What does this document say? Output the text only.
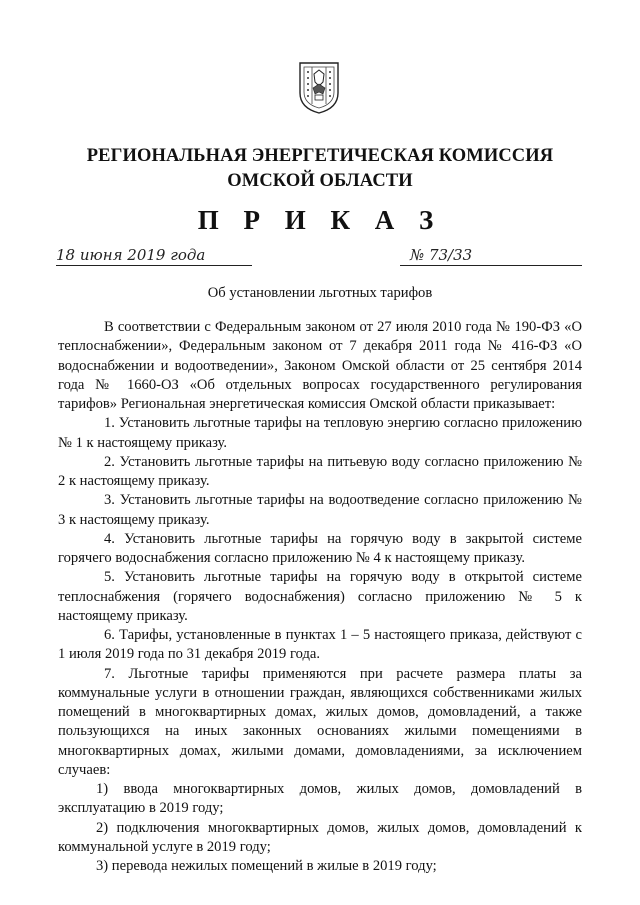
РЕГИОНАЛЬНАЯ ЭНЕРГЕТИЧЕСКАЯ КОМИССИЯ
ОМСКОЙ ОБЛАСТИ
П Р И К А З
18 июня 2019 года	№ 73/33
Об установлении льготных тарифов

В соответствии с Федеральным законом от 27 июля 2010 года № 190-ФЗ «О теплоснабжении», Федеральным законом от 7 декабря 2011 года № 416-ФЗ «О водоснабжении и водоотведении», Законом Омской области от 25 сентября 2014 года № 1660-ОЗ «Об отдельных вопросах государственного регулирования тарифов» Региональная энергетическая комиссия Омской области приказывает:

1. Установить льготные тарифы на тепловую энергию согласно приложению № 1 к настоящему приказу.

2. Установить льготные тарифы на питьевую воду согласно приложению № 2 к настоящему приказу.

3. Установить льготные тарифы на водоотведение согласно приложению № 3 к настоящему приказу.

4. Установить льготные тарифы на горячую воду в закрытой системе горячего водоснабжения согласно приложению № 4 к настоящему приказу.

5. Установить льготные тарифы на горячую воду в открытой системе теплоснабжения (горячего водоснабжения) согласно приложению № 5 к настоящему приказу.

6. Тарифы, установленные в пунктах 1 – 5 настоящего приказа, действуют с 1 июля 2019 года по 31 декабря 2019 года.

7. Льготные тарифы применяются при расчете размера платы за коммунальные услуги в отношении граждан, являющихся собственниками жилых помещений в многоквартирных домах, жилых домов, домовладений, а также пользующихся на иных законных основаниях жилыми помещениями в многоквартирных домах, жилыми домами, домовладениями, за исключением случаев:

1) ввода многоквартирных домов, жилых домов, домовладений в эксплуатацию в 2019 году;

2) подключения многоквартирных домов, жилых домов, домовладений к коммунальной услуге в 2019 году;

3) перевода нежилых помещений в жилые в 2019 году;
